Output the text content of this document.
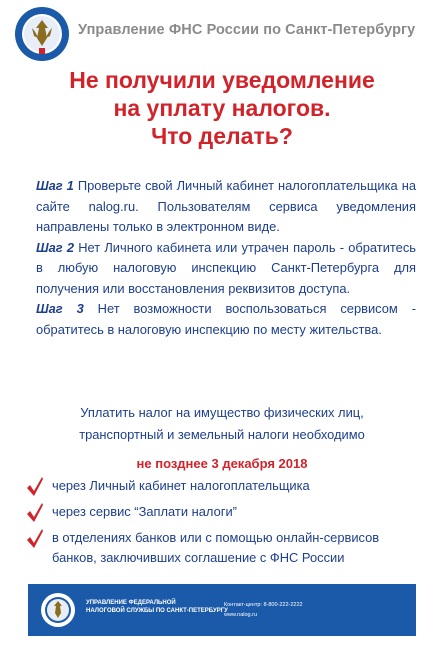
Управление ФНС России по Санкт-Петербургу
Не получили уведомление
на уплату налогов.
Что делать?
Шаг 1 Проверьте свой Личный кабинет налогоплательщика на сайте nalog.ru. Пользователям сервиса уведомления направлены только в электронном виде.
Шаг 2 Нет Личного кабинета или утрачен пароль - обратитесь в любую налоговую инспекцию Санкт-Петербурга для получения или восстановления реквизитов доступа.
Шаг 3 Нет возможности воспользоваться сервисом - обратитесь в налоговую инспекцию по месту жительства.
Уплатить налог на имущество физических лиц,
транспортный и земельный налоги необходимо
не позднее 3 декабря 2018
через Личный кабинет налогоплательщика
через сервис “Заплати налоги”
в отделениях банков или с помощью онлайн-сервисов банков, заключивших соглашение с ФНС России
УПРАВЛЕНИЕ ФЕДЕРАЛЬНОЙ
НАЛОГОВОЙ СЛУЖБЫ ПО САНКТ-ПЕТЕРБУРГУ
Контакт-центр: 8-800-222-2222
www.nalog.ru
